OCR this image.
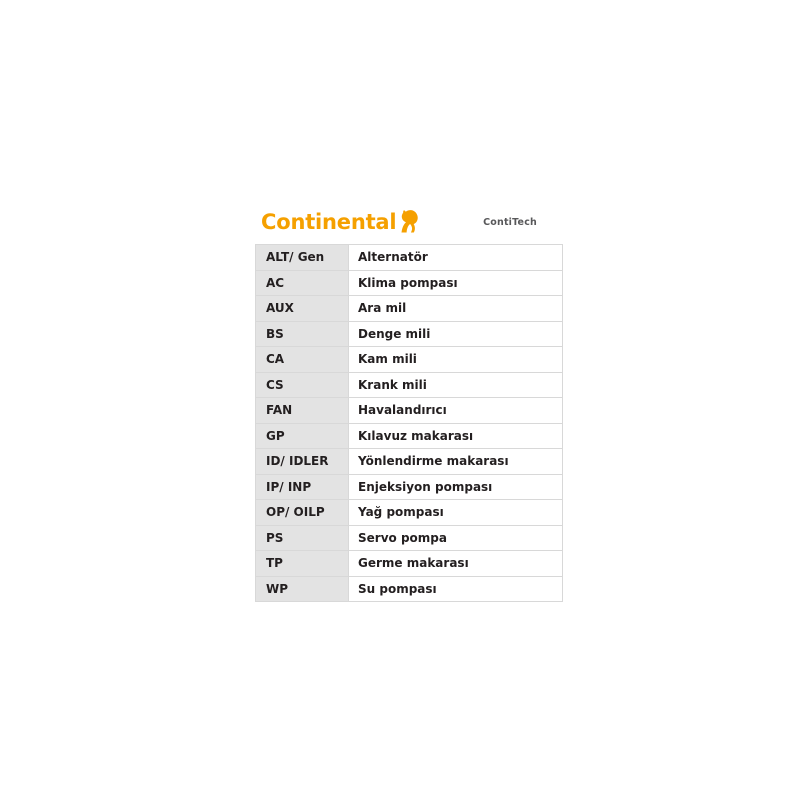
Continental	ContiTech
ALT/ Gen	Alternatör
AC	Klima pompası
AUX	Ara mil
BS	Denge mili
CA	Kam mili
CS	Krank mili
FAN	Havalandırıcı
GP	Kılavuz makarası
ID/ IDLER	Yönlendirme makarası
IP/ INP	Enjeksiyon pompası
OP/ OILP	Yağ pompası
PS	Servo pompa
TP	Germe makarası
WP	Su pompası
